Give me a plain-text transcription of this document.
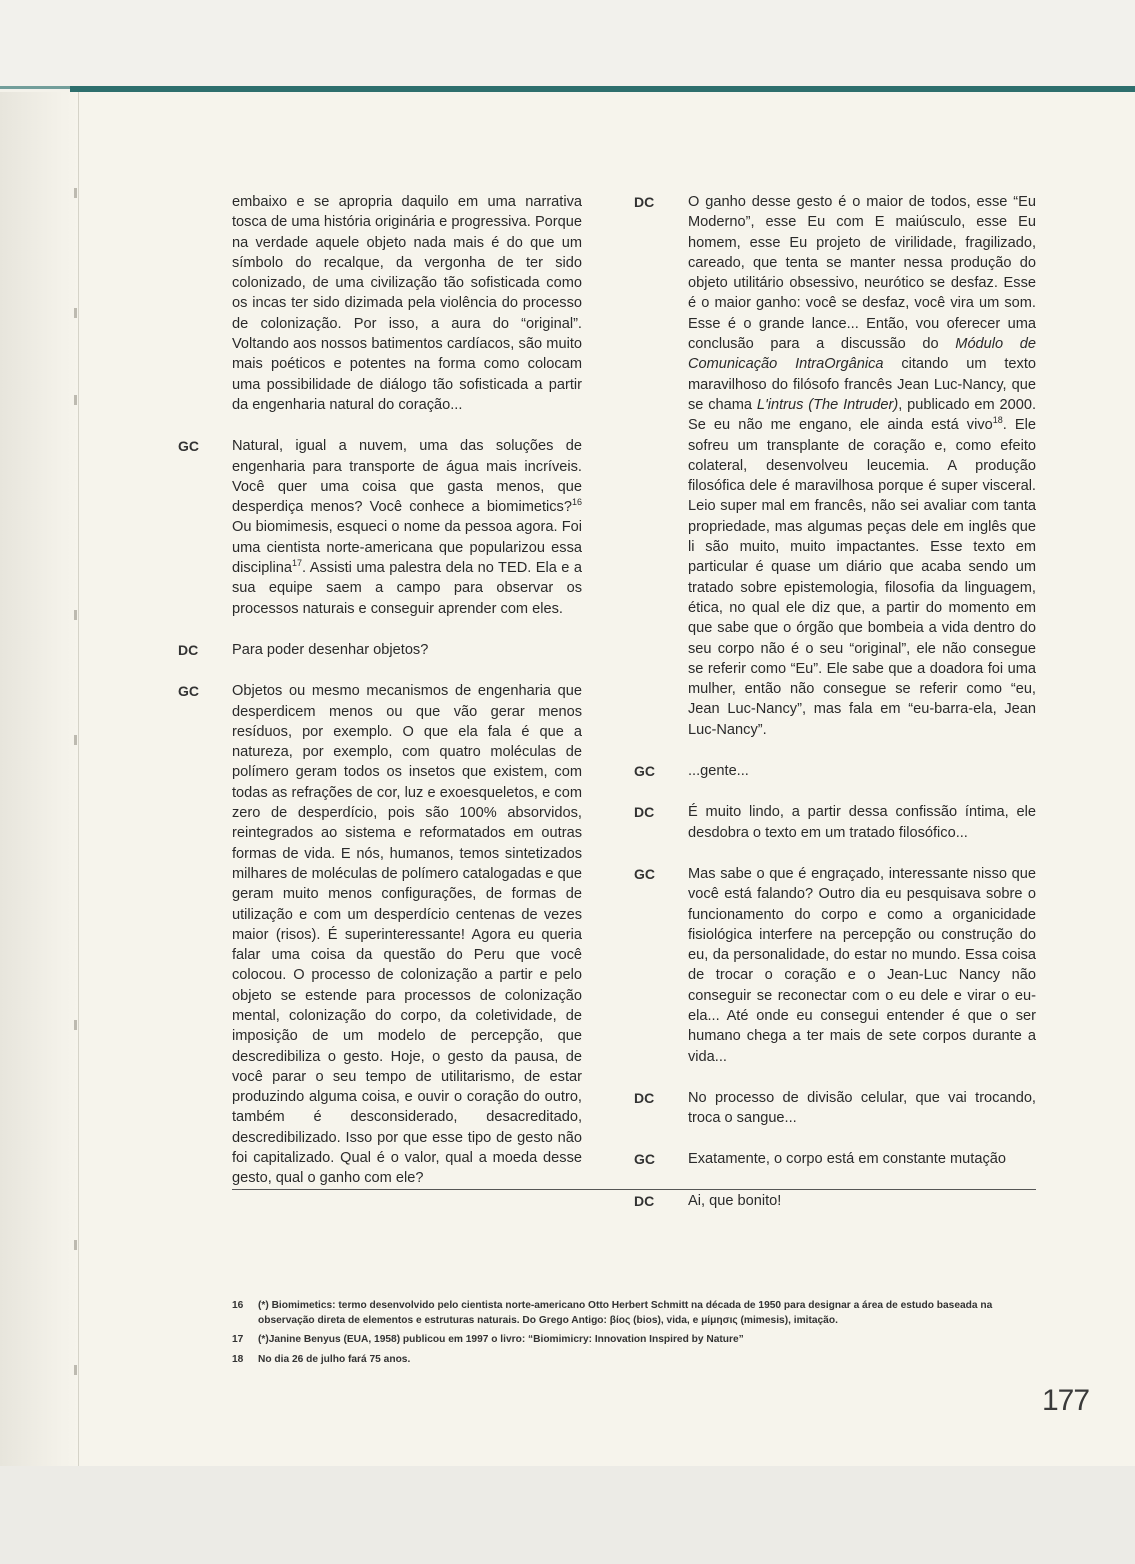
embaixo e se apropria daquilo em uma narrativa tosca de uma história originária e progressiva. Porque na verdade aquele objeto nada mais é do que um símbolo do recalque, da vergonha de ter sido colonizado, de uma civilização tão sofisticada como os incas ter sido dizimada pela violência do processo de colonização. Por isso, a aura do “original”. Voltando aos nossos batimentos cardíacos, são muito mais poéticos e potentes na forma como colocam uma possibilidade de diálogo tão sofisticada a partir da engenharia natural do coração...
GC	Natural, igual a nuvem, uma das soluções de engenharia para transporte de água mais incríveis. Você quer uma coisa que gasta menos, que desperdiça menos? Você conhece a biomimetics?$^{16}$ Ou biomimesis, esqueci o nome da pessoa agora. Foi uma cientista norte-americana que popularizou essa disciplina$^{17}$. Assisti uma palestra dela no TED. Ela e a sua equipe saem a campo para observar os processos naturais e conseguir aprender com eles.
DC	Para poder desenhar objetos?
GC	Objetos ou mesmo mecanismos de engenharia que desperdicem menos ou que vão gerar menos resíduos, por exemplo. O que ela fala é que a natureza, por exemplo, com quatro moléculas de polímero geram todos os insetos que existem, com todas as refrações de cor, luz e exoesqueletos, e com zero de desperdício, pois são 100% absorvidos, reintegrados ao sistema e reformatados em outras formas de vida. E nós, humanos, temos sintetizados milhares de moléculas de polímero catalogadas e que geram muito menos configurações, de formas de utilização e com um desperdício centenas de vezes maior (risos). É superinteressante! Agora eu queria falar uma coisa da questão do Peru que você colocou. O processo de colonização a partir e pelo objeto se estende para processos de colonização mental, colonização do corpo, da coletividade, de imposição de um modelo de percepção, que descredibiliza o gesto. Hoje, o gesto da pausa, de você parar o seu tempo de utilitarismo, de estar produzindo alguma coisa, e ouvir o coração do outro, também é desconsiderado, desacreditado, descredibilizado. Isso por que esse tipo de gesto não foi capitalizado. Qual é o valor, qual a moeda desse gesto, qual o ganho com ele?
DC	O ganho desse gesto é o maior de todos, esse “Eu Moderno”, esse Eu com E maiúsculo, esse Eu homem, esse Eu projeto de virilidade, fragilizado, careado, que tenta se manter nessa produção do objeto utilitário obsessivo, neurótico se desfaz. Esse é o maior ganho: você se desfaz, você vira um som. Esse é o grande lance... Então, vou oferecer uma conclusão para a discussão do Módulo de Comunicação IntraOrgânica citando um texto maravilhoso do filósofo francês Jean Luc-Nancy, que se chama L'intrus (The Intruder), publicado em 2000. Se eu não me engano, ele ainda está vivo$^{18}$. Ele sofreu um transplante de coração e, como efeito colateral, desenvolveu leucemia. A produção filosófica dele é maravilhosa porque é super visceral. Leio super mal em francês, não sei avaliar com tanta propriedade, mas algumas peças dele em inglês que li são muito, muito impactantes. Esse texto em particular é quase um diário que acaba sendo um tratado sobre epistemologia, filosofia da linguagem, ética, no qual ele diz que, a partir do momento em que sabe que o órgão que bombeia a vida dentro do seu corpo não é o seu “original”, ele não consegue se referir como “Eu”. Ele sabe que a doadora foi uma mulher, então não consegue se referir como “eu, Jean Luc-Nancy”, mas fala em “eu-barra-ela, Jean Luc-Nancy”.
GC	...gente...
DC	É muito lindo, a partir dessa confissão íntima, ele desdobra o texto em um tratado filosófico...
GC	Mas sabe o que é engraçado, interessante nisso que você está falando? Outro dia eu pesquisava sobre o funcionamento do corpo e como a organicidade fisiológica interfere na percepção ou construção do eu, da personalidade, do estar no mundo. Essa coisa de trocar o coração e o Jean-Luc Nancy não conseguir se reconectar com o eu dele e virar o eu-ela... Até onde eu consegui entender é que o ser humano chega a ter mais de sete corpos durante a vida...
DC	No processo de divisão celular, que vai trocando, troca o sangue...
GC	Exatamente, o corpo está em constante mutação
DC	Ai, que bonito!
16	(*) Biomimetics: termo desenvolvido pelo cientista norte-americano Otto Herbert Schmitt na década de 1950 para designar a área de estudo baseada na observação direta de elementos e estruturas naturais. Do Grego Antigo: βίος (bios), vida, e μίμησις (mimesis), imitação.
17	(*)Janine Benyus (EUA, 1958) publicou em 1997 o livro: “Biomimicry: Innovation Inspired by Nature”
18	No dia 26 de julho fará 75 anos.
177
